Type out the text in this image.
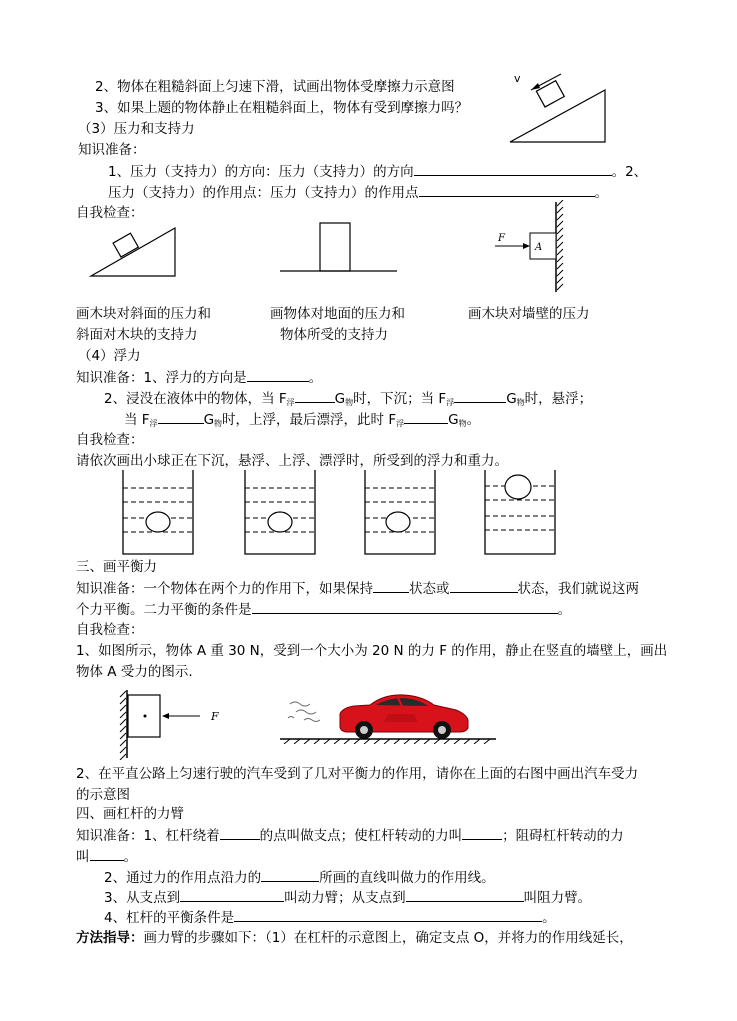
2、物体在粗糙斜面上匀速下滑，试画出物体受摩擦力示意图
3、如果上题的物体静止在粗糙斜面上，物体有受到摩擦力吗？
v
（3）压力和支持力
知识准备：
1、压力（支持力）的方向：压力（支持力）的方向	。2、
压力（支持力）的作用点：压力（支持力）的作用点	。
自我检查：
A
F
画木块对斜面的压力和
斜面对木块的支持力
画物体对地面的压力和
物体所受的支持力
画木块对墙壁的压力
（4）浮力
知识准备：1、浮力的方向是	。
2、浸没在液体中的物体，当 $F_浮$	$G_物$时，下沉；当 $F_浮$	$G_物$时，悬浮；
当 $F_浮$	$G_物$时，上浮，最后漂浮，此时 $F_浮$	$G_物$。
自我检查：
请依次画出小球正在下沉，悬浮、上浮、漂浮时，所受到的浮力和重力。
三、画平衡力
知识准备：一个物体在两个力的作用下，如果保持	状态或	状态，我们就说这两
个力平衡。二力平衡的条件是	。
自我检查：
1、如图所示，物体 A 重 30 N，受到一个大小为 20 N 的力 F 的作用，静止在竖直的墙壁上，画出
物体 A 受力的图示.
F
2、在平直公路上匀速行驶的汽车受到了几对平衡力的作用，请你在上面的右图中画出汽车受力
的示意图
四、画杠杆的力臂
知识准备：1、杠杆绕着	的点叫做支点；使杠杆转动的力叫	；阻碍杠杆转动的力
叫	。
2、通过力的作用点沿力的	所画的直线叫做力的作用线。
3、从支点到	叫动力臂；从支点到	叫阻力臂。
4、杠杆的平衡条件是	。
方法指导：画力臂的步骤如下：（1）在杠杆的示意图上，确定支点 O，并将力的作用线延长，
